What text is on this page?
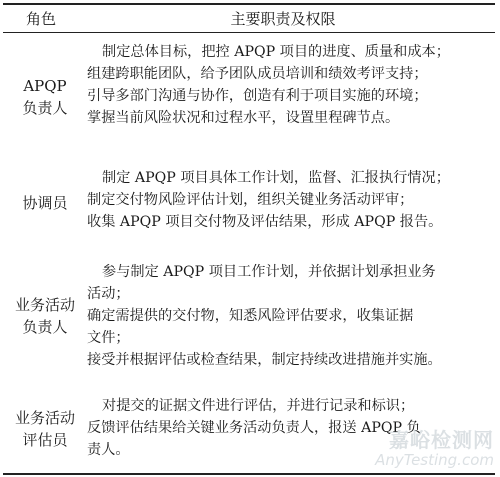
角色	主要职责及权限
APQP
负责人
制定总体目标，把控 APQP 项目的进度、质量和成本；
组建跨职能团队，给予团队成员培训和绩效考评支持；
引导多部门沟通与协作，创造有利于项目实施的环境；
掌握当前风险状况和过程水平，设置里程碑节点。
协调员
制定 APQP 项目具体工作计划，监督、汇报执行情况；
制定交付物风险评估计划，组织关键业务活动评审；
收集 APQP 项目交付物及评估结果，形成 APQP 报告。
业务活动
负责人
参与制定 APQP 项目工作计划，并依据计划承担业务
活动；
确定需提供的交付物，知悉风险评估要求，收集证据
文件；
接受并根据评估或检查结果，制定持续改进措施并实施。
业务活动
评估员
对提交的证据文件进行评估，并进行记录和标识；
反馈评估结果给关键业务活动负责人，报送 APQP 负
责人。	嘉峪检测网
AnyTesting.com
